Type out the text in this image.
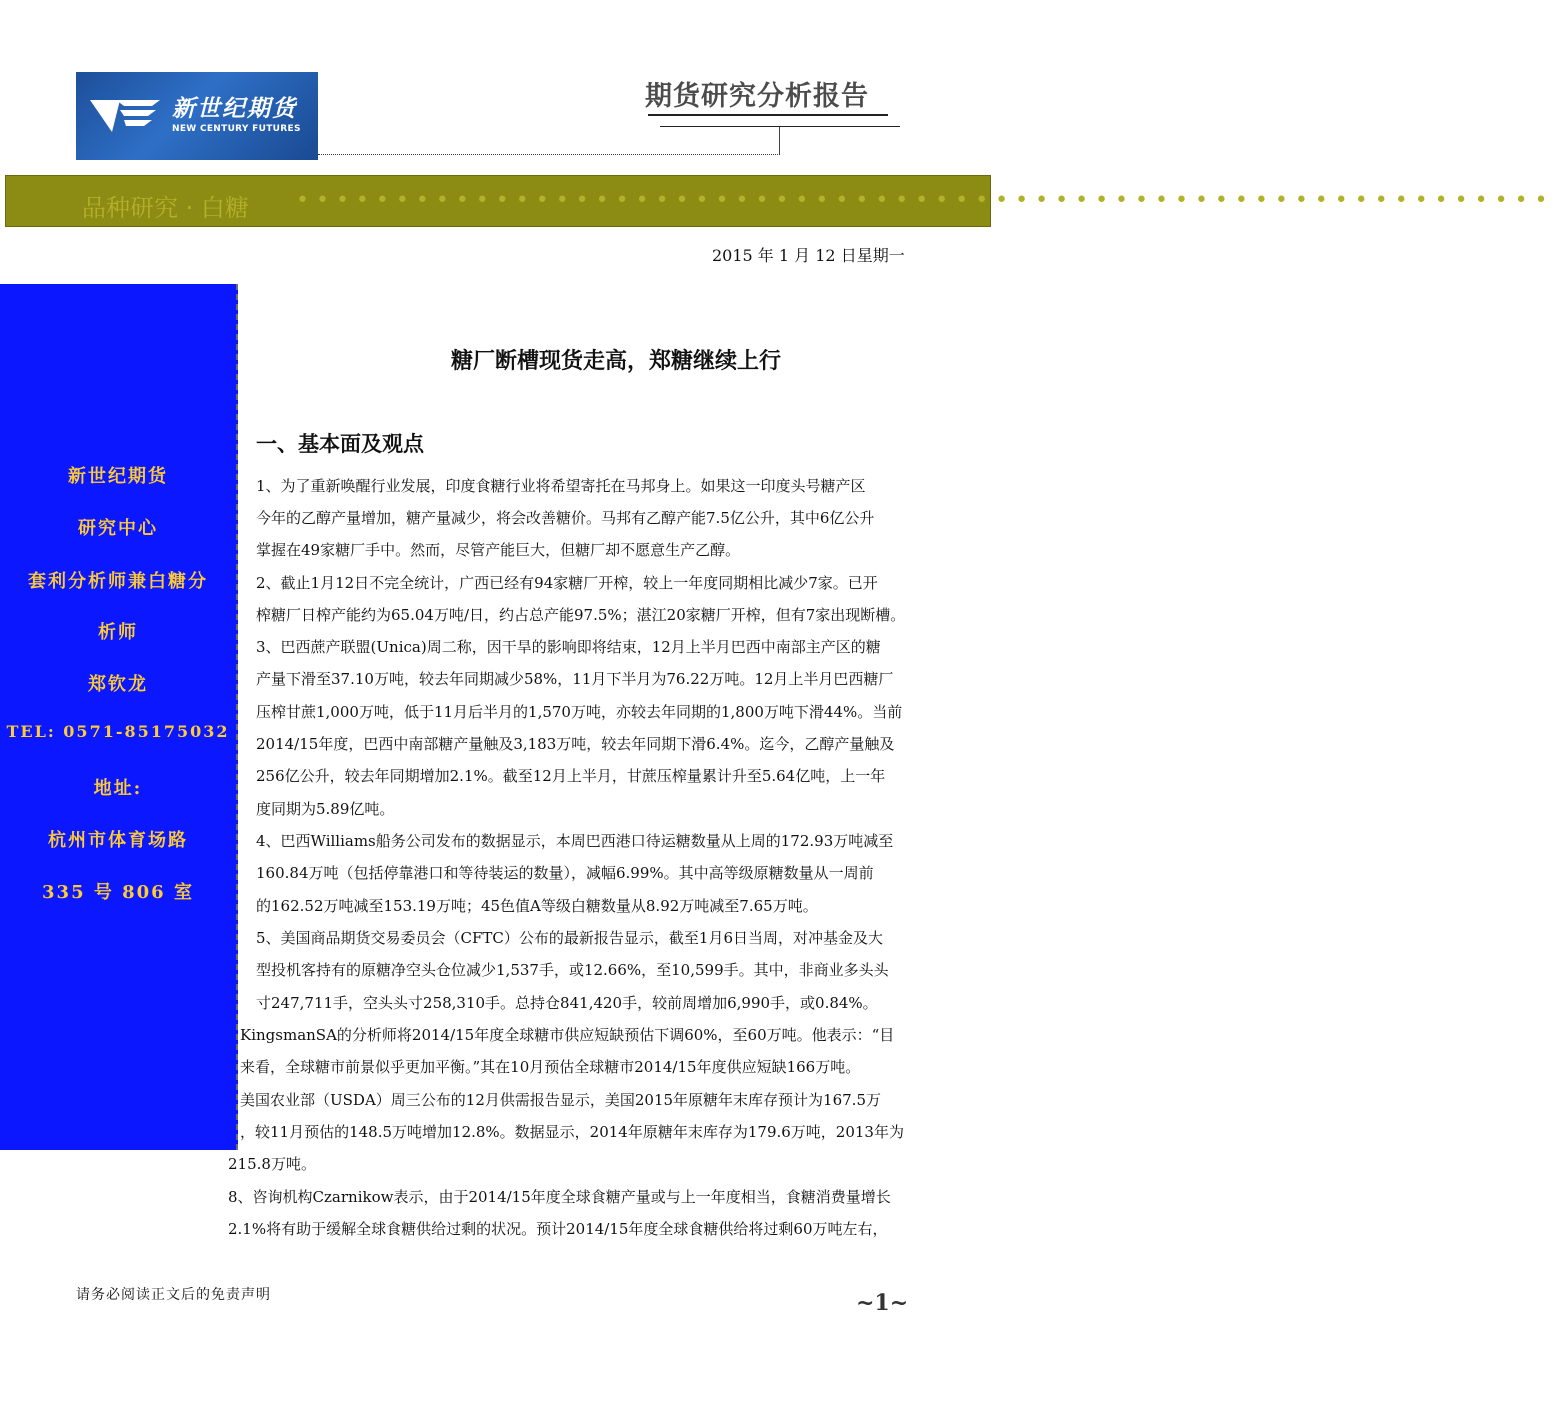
新世纪期货
NEW CENTURY FUTURES
期货研究分析报告
品种研究 · 白糖 •••••••••••••••••••••••••••••••••••••••••••••••••••••••••••••••
2015 年 1 月 12 日星期一
新世纪期货
研究中心
套利分析师兼白糖分
析师
郑钦龙
TEL: 0571-85175032
地址:
杭州市体育场路
335 号 806 室
糖厂断槽现货走高，郑糖继续上行
一、基本面及观点
1、为了重新唤醒行业发展，印度食糖行业将希望寄托在马邦身上。如果这一印度头号糖产区
今年的乙醇产量增加，糖产量减少，将会改善糖价。马邦有乙醇产能7.5亿公升，其中6亿公升
掌握在49家糖厂手中。然而，尽管产能巨大，但糖厂却不愿意生产乙醇。
2、截止1月12日不完全统计，广西已经有94家糖厂开榨，较上一年度同期相比减少7家。已开
榨糖厂日榨产能约为65.04万吨/日，约占总产能97.5%；湛江20家糖厂开榨，但有7家出现断槽。
3、巴西蔗产联盟(Unica)周二称，因干旱的影响即将结束，12月上半月巴西中南部主产区的糖
产量下滑至37.10万吨，较去年同期减少58%，11月下半月为76.22万吨。12月上半月巴西糖厂
压榨甘蔗1,000万吨，低于11月后半月的1,570万吨，亦较去年同期的1,800万吨下滑44%。当前
2014/15年度，巴西中南部糖产量触及3,183万吨，较去年同期下滑6.4%。迄今，乙醇产量触及
256亿公升，较去年同期增加2.1%。截至12月上半月，甘蔗压榨量累计升至5.64亿吨，上一年
度同期为5.89亿吨。
4、巴西Williams船务公司发布的数据显示，本周巴西港口待运糖数量从上周的172.93万吨减至
160.84万吨（包括停靠港口和等待装运的数量），减幅6.99%。其中高等级原糖数量从一周前
的162.52万吨减至153.19万吨；45色值A等级白糖数量从8.92万吨减至7.65万吨。
5、美国商品期货交易委员会（CFTC）公布的最新报告显示，截至1月6日当周，对冲基金及大
型投机客持有的原糖净空头仓位减少1,537手，或12.66%，至10,599手。其中，非商业多头头
寸247,711手，空头头寸258,310手。总持仓841,420手，较前周增加6,990手，或0.84%。
KingsmanSA的分析师将2014/15年度全球糖市供应短缺预估下调60%，至60万吨。他表示：“目
来看，全球糖市前景似乎更加平衡。”其在10月预估全球糖市2014/15年度供应短缺166万吨。
美国农业部（USDA）周三公布的12月供需报告显示，美国2015年原糖年末库存预计为167.5万
，较11月预估的148.5万吨增加12.8%。数据显示，2014年原糖年末库存为179.6万吨，2013年为
215.8万吨。
8、咨询机构Czarnikow表示，由于2014/15年度全球食糖产量或与上一年度相当，食糖消费量增长
2.1%将有助于缓解全球食糖供给过剩的状况。预计2014/15年度全球食糖供给将过剩60万吨左右，
请务必阅读正文后的免责声明	~1~
